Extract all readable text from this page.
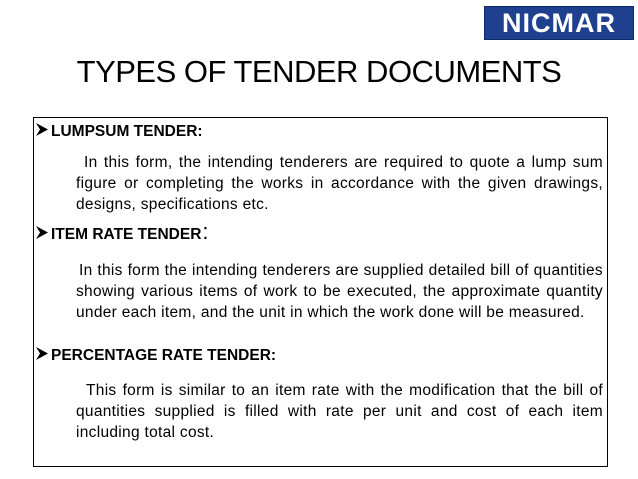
NICMAR
TYPES OF TENDER DOCUMENTS
LUMPSUM TENDER:
In this form, the intending tenderers are required to quote a lump sum figure or completing the works in accordance with the given drawings, designs, specifications etc.
ITEM RATE TENDER :
In this form the intending tenderers are supplied detailed bill of quantities showing various items of work to be executed, the approximate quantity under each item, and the unit in which the work done will be measured.
PERCENTAGE RATE TENDER:
This form is similar to an item rate with the modification that the bill of quantities supplied is filled with rate per unit and cost of each item including total cost.
